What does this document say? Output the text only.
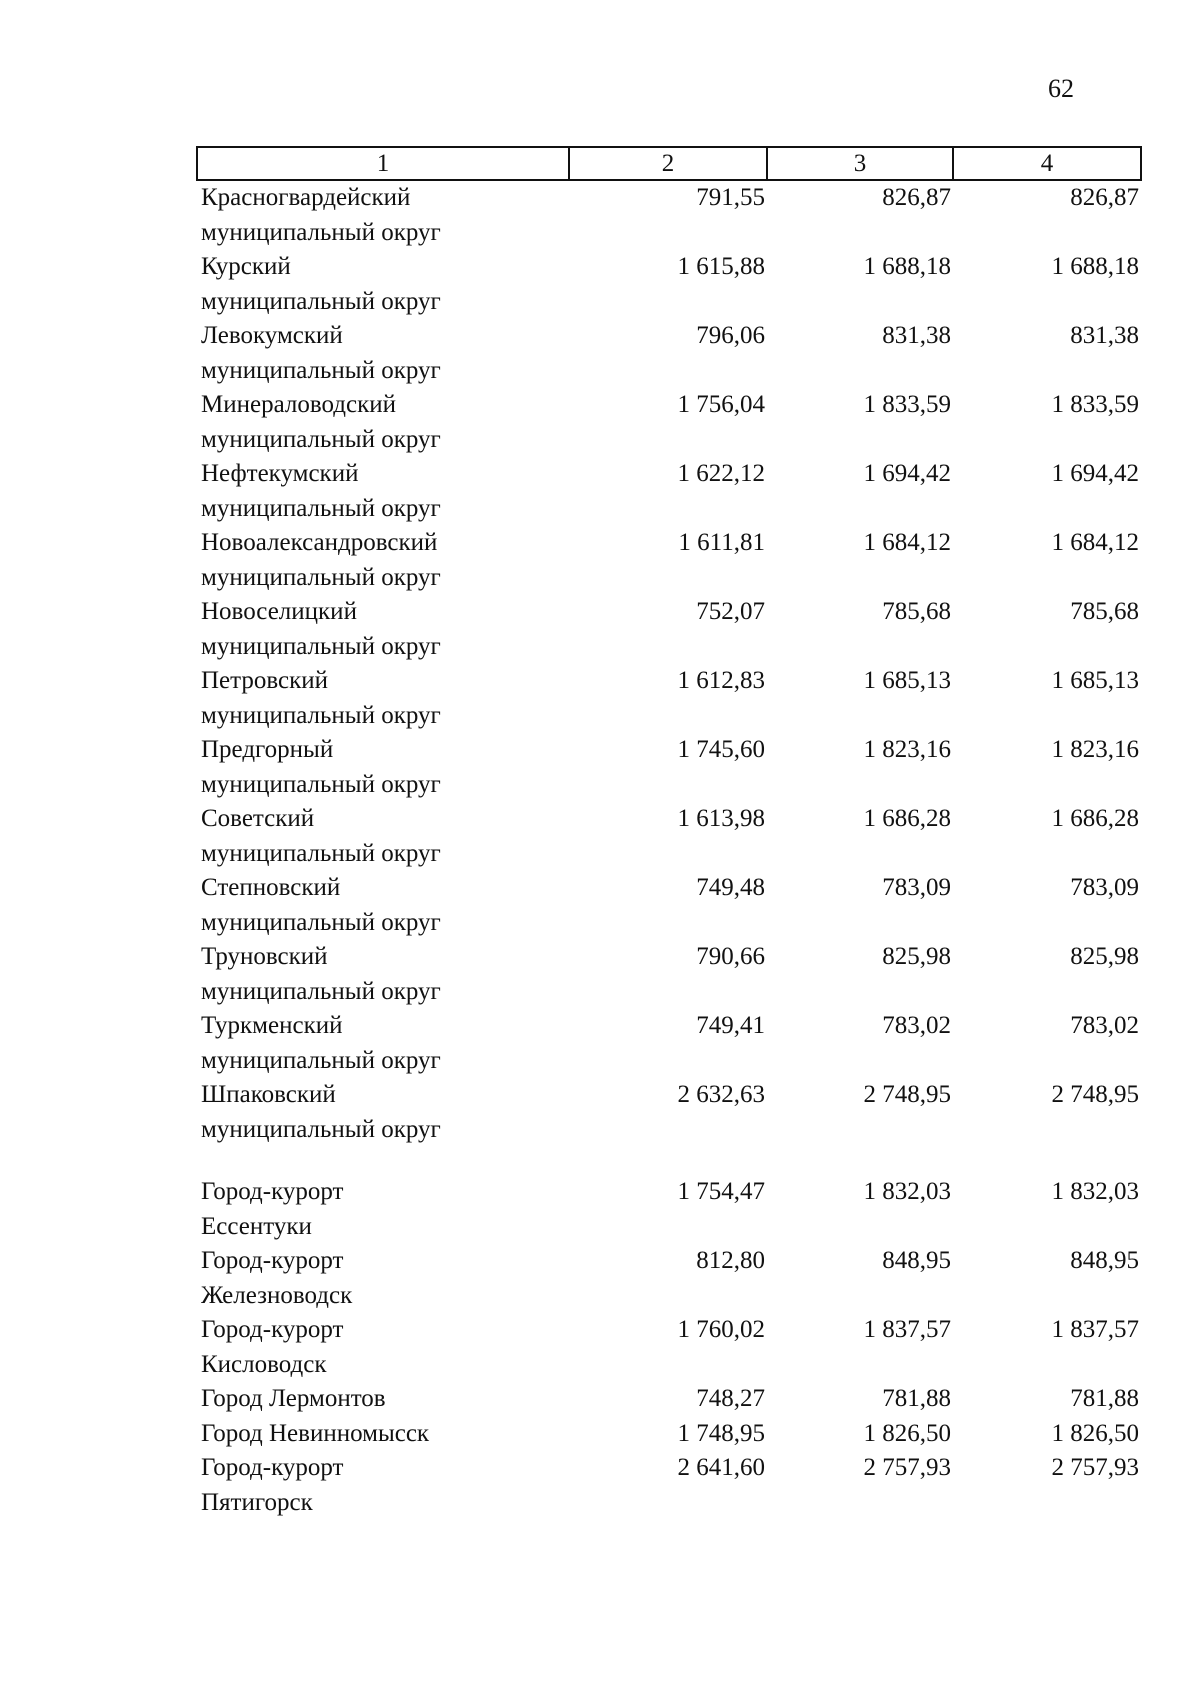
62
1	2	3	4

Красногвардейский
муниципальный округ	791,55	826,87	826,87

Курский
муниципальный округ	1 615,88	1 688,18	1 688,18

Левокумский
муниципальный округ	796,06	831,38	831,38

Минераловодский
муниципальный округ	1 756,04	1 833,59	1 833,59

Нефтекумский
муниципальный округ	1 622,12	1 694,42	1 694,42

Новоалександровский
муниципальный округ	1 611,81	1 684,12	1 684,12

Новоселицкий
муниципальный округ	752,07	785,68	785,68

Петровский
муниципальный округ	1 612,83	1 685,13	1 685,13

Предгорный
муниципальный округ	1 745,60	1 823,16	1 823,16

Советский
муниципальный округ	1 613,98	1 686,28	1 686,28

Степновский
муниципальный округ	749,48	783,09	783,09

Труновский
муниципальный округ	790,66	825,98	825,98

Туркменский
муниципальный округ	749,41	783,02	783,02

Шпаковский
муниципальный округ	2 632,63	2 748,95	2 748,95

Город-курорт
Ессентуки	1 754,47	1 832,03	1 832,03

Город-курорт
Железноводск	812,80	848,95	848,95

Город-курорт
Кисловодск	1 760,02	1 837,57	1 837,57

Город Лермонтов	748,27	781,88	781,88

Город Невинномысск	1 748,95	1 826,50	1 826,50

Город-курорт
Пятигорск	2 641,60	2 757,93	2 757,93
